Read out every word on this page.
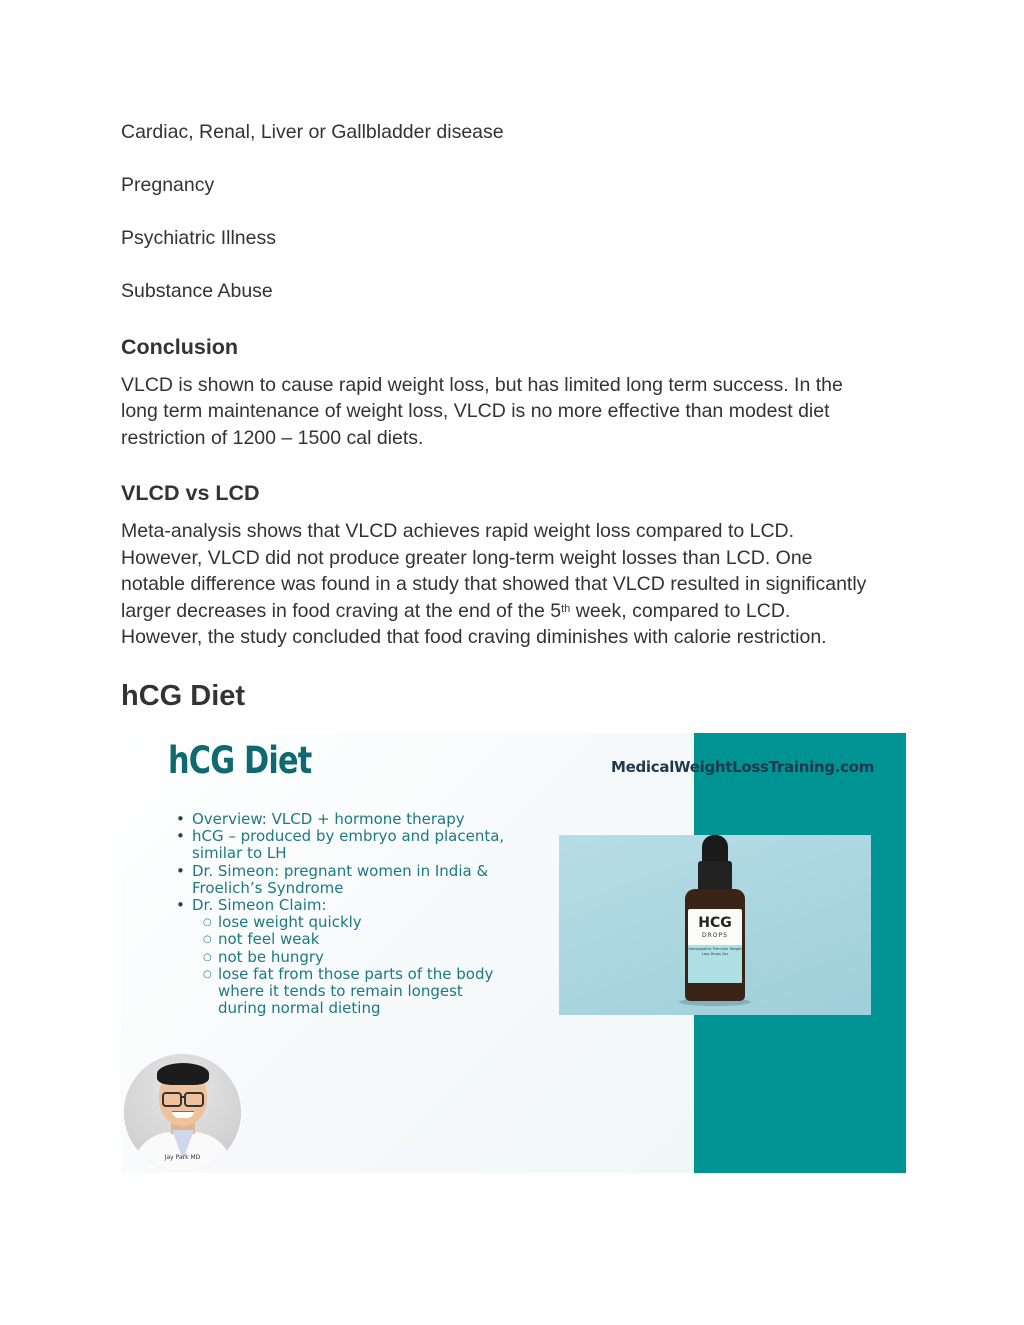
Cardiac, Renal, Liver or Gallbladder disease

Pregnancy

Psychiatric Illness

Substance Abuse

Conclusion

VLCD is shown to cause rapid weight loss, but has limited long term success. In the

long term maintenance of weight loss, VLCD is no more effective than modest diet

restriction of 1200 – 1500 cal diets.

VLCD vs LCD

Meta-analysis shows that VLCD achieves rapid weight loss compared to LCD.

However, VLCD did not produce greater long-term weight losses than LCD. One

notable difference was found in a study that showed that VLCD resulted in significantly

larger decreases in food craving at the end of the 5th week, compared to LCD.

However, the study concluded that food craving diminishes with calorie restriction.

hCG Diet
hCG Diet	MedicalWeightLossTraining.com
• Overview: VLCD + hormone therapy
• hCG – produced by embryo and placenta,
similar to LH
• Dr. Simeon: pregnant women in India &
Froelich’s Syndrome
• Dr. Simeon Claim:
○ lose weight quickly
○ not feel weak
○ not be hungry
○ lose fat from those parts of the body
where it tends to remain longest
during normal dieting
HCG
DROPS
Homeopathic Premium Weight Loss Drops 2oz
Jay Park MD
